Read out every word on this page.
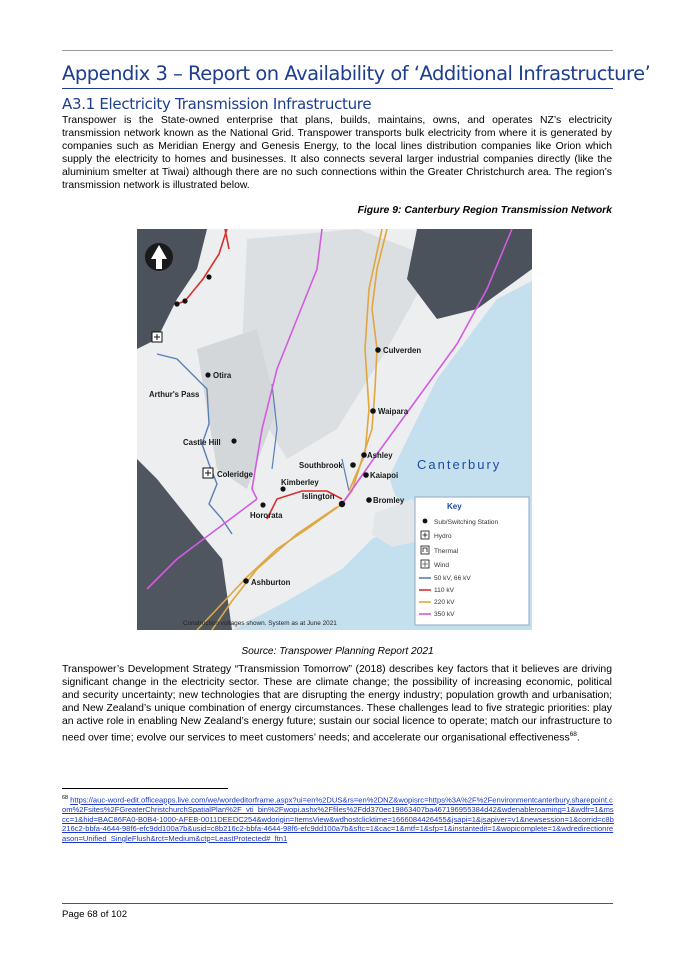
Appendix 3 – Report on Availability of ‘Additional Infrastructure’
A3.1 Electricity Transmission Infrastructure

Transpower is the State-owned enterprise that plans, builds, maintains, owns, and operates NZ’s electricity transmission network known as the National Grid. Transpower transports bulk electricity from where it is generated by companies such as Meridian Energy and Genesis Energy, to the local lines distribution companies like Orion which supply the electricity to homes and businesses. It also connects several larger industrial companies directly (like the aluminium smelter at Tiwai) although there are no such connections within the Greater Christchurch area. The region’s transmission network is illustrated below.

Figure 9: Canterbury Region Transmission Network
Culverden
Otira
Arthur's Pass
Waipara
Castle Hill
Ashley
Southbrook
Kaiapoi
Coleridge
Kimberley
Islington	Bromley
Hororata
Ashburton
Canterbury
Key
Sub/Switching Station
Hydro
Thermal
Wind
50 kV, 66 kV
110 kV
220 kV
350 kV
Construction voltages shown. System as at June 2021
Source: Transpower Planning Report 2021

Transpower’s Development Strategy “Transmission Tomorrow” (2018) describes key factors that it believes are driving significant change in the electricity sector. These are climate change; the possibility of increasing economic, political and security uncertainty; new technologies that are disrupting the energy industry; population growth and urbanisation; and New Zealand’s unique combination of energy circumstances. These challenges lead to five strategic priorities: play an active role in enabling New Zealand’s energy future; sustain our social licence to operate; match our infrastructure to need over time; evolve our services to meet customers’ needs; and accelerate our organisational effectiveness$^{68}$.

$^{68}$ https://auc-word-edit.officeapps.live.com/we/wordeditorframe.aspx?ui=en%2DUS&rs=en%2DNZ&wopisrc=https%3A%2F%2Fenvironmentcanterbury.sharepoint.com%2Fsites%2FGreaterChristchurchSpatialPlan%2F_vti_bin%2Fwopi.ashx%2Ffiles%2Fdd370ec19863407ba467196955384d42&wdenableroaming=1&wdfr=1&mscc=1&hid=BAC86FA0-B0B4-1000-AFEB-0011DEEDC254&wdorigin=ItemsView&wdhostclicktime=1666084426455&jsapi=1&jsapiver=v1&newsession=1&corrid=c8b216c2-bbfa-4644-98f6-efc9dd100a7b&usid=c8b216c2-bbfa-4644-98f6-efc9dd100a7b&sftc=1&cac=1&mtf=1&sfp=1&instantedit=1&wopicomplete=1&wdredirectionreason=Unified_SingleFlush&rct=Medium&ctp=LeastProtected#_ftn1
Page 68 of 102
